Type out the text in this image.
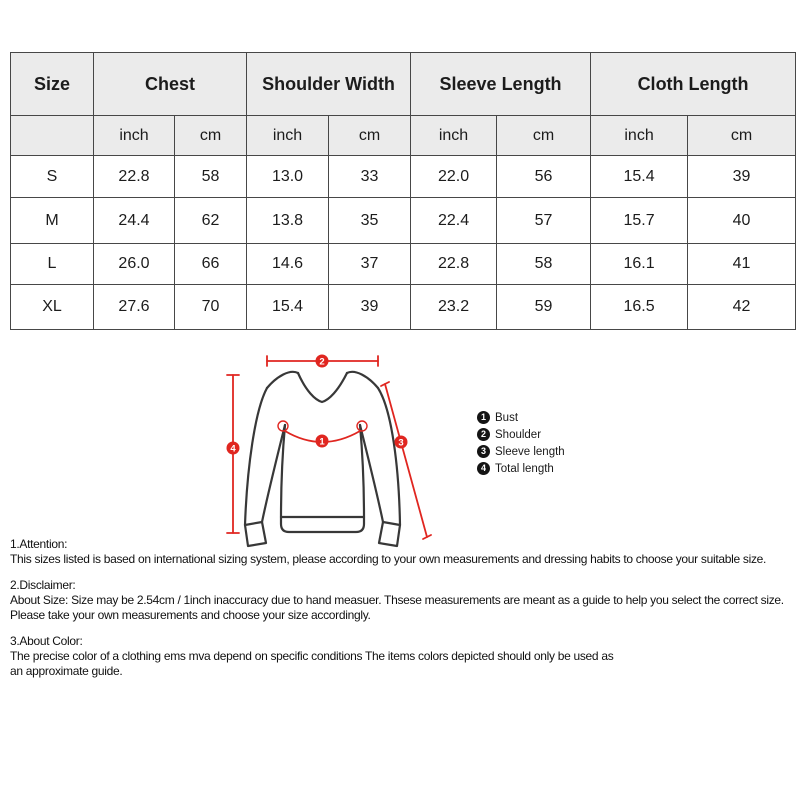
Size	Chest		Shoulder Width		Sleeve Length		Cloth Length	
	inch	cm	inch	cm	inch	cm	inch	cm
S	22.8	58	13.0	33	22.0	56	15.4	39
M	24.4	62	13.8	35	22.4	57	15.7	40
L	26.0	66	14.6	37	22.8	58	16.1	41
XL	27.6	70	15.4	39	23.2	59	16.5	42
2
4
1	3
1 Bust
2 Shoulder
3 Sleeve length
4 Total length
1.Attention:
This sizes listed is based on international sizing system, please according to your own measurements and dressing habits to choose your suitable size.
2.Disclaimer:
About Size: Size may be 2.54cm / 1inch inaccuracy due to hand measuer. Thsese measurements are meant as a guide to help you select the correct size.
Please take your own measurements and choose your size accordingly.
3.About Color:
The precise color of a clothing ems mva depend on specific conditions The items colors depicted should only be used as
an approximate guide.
